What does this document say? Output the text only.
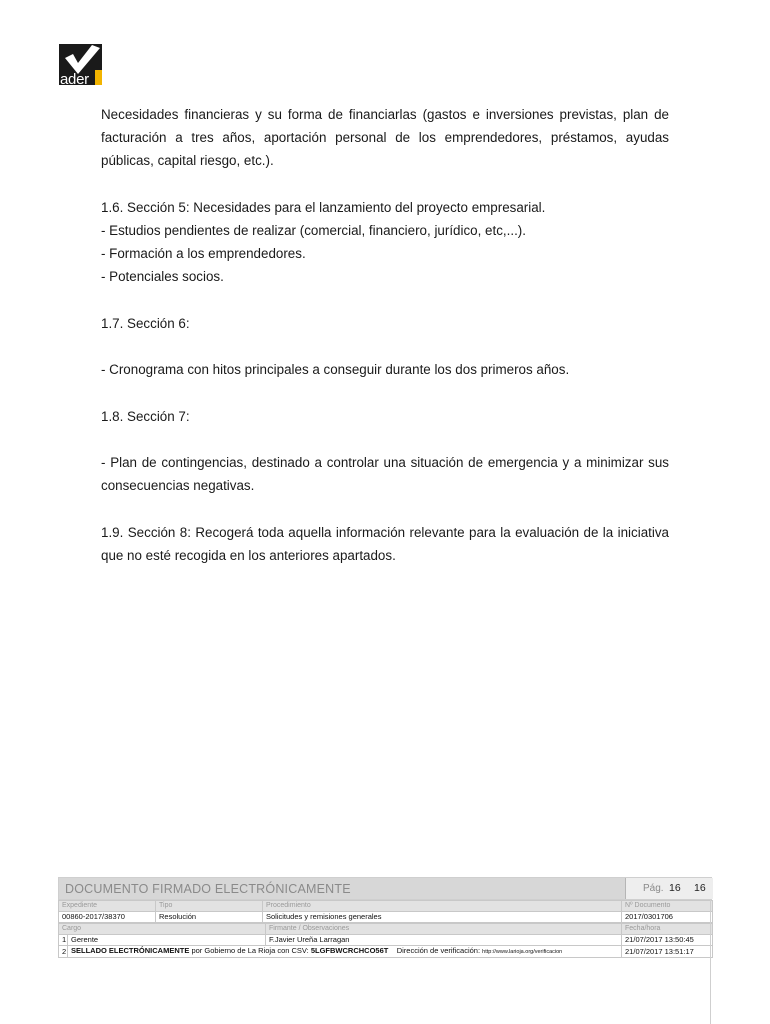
ader

Necesidades financieras y su forma de financiarlas (gastos e inversiones previstas, plan de facturación a tres años, aportación personal de los emprendedores, préstamos, ayudas públicas, capital riesgo, etc.).

1.6. Sección 5: Necesidades para el lanzamiento del proyecto empresarial.

- Estudios pendientes de realizar (comercial, financiero, jurídico, etc,...).

- Formación a los emprendedores.

- Potenciales socios.

1.7. Sección 6:

- Cronograma con hitos principales a conseguir durante los dos primeros años.

1.8. Sección 7:

- Plan de contingencias, destinado a controlar una situación de emergencia y a minimizar sus consecuencias negativas.

1.9. Sección 8: Recogerá toda aquella información relevante para la evaluación de la iniciativa que no esté recogida en los anteriores apartados.

DOCUMENTO FIRMADO ELECTRÓNICAMENTE	Pág. 16 16
Expediente	Tipo	Procedimiento	Nº Documento
00860-2017/38370	Resolución	Solicitudes y remisiones generales	2017/0301706
Cargo		Firmante / Observaciones	Fecha/hora
1	Gerente	F.Javier Ureña Larragan	21/07/2017 13:50:45
2	SELLADO ELECTRÓNICAMENTE por Gobierno de La Rioja con CSV: 5LGFBWCRCHCO56T Dirección de verificación: http://www.larioja.org/verificacion		21/07/2017 13:51:17
